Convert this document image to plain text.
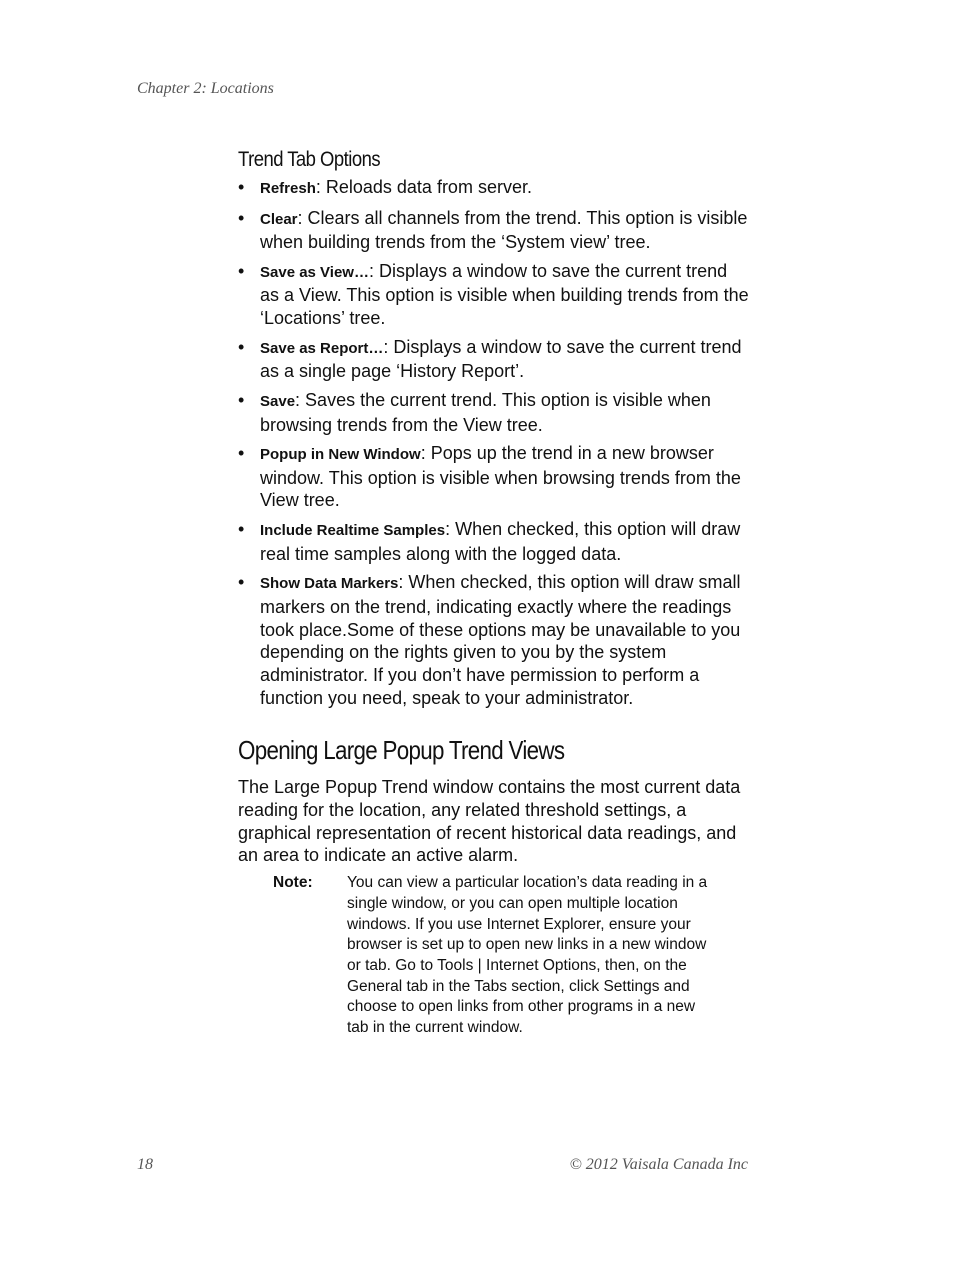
Chapter 2: Locations
Trend Tab Options
• Refresh: Reloads data from server.
• Clear: Clears all channels from the trend. This option is visible when building trends from the ‘System view’ tree.
• Save as View…: Displays a window to save the current trend as a View. This option is visible when building trends from the ‘Locations’ tree.
• Save as Report…: Displays a window to save the current trend as a single page ‘History Report’.
• Save: Saves the current trend. This option is visible when browsing trends from the View tree.
• Popup in New Window: Pops up the trend in a new browser window. This option is visible when browsing trends from the View tree.
• Include Realtime Samples: When checked, this option will draw real time samples along with the logged data.
• Show Data Markers: When checked, this option will draw small markers on the trend, indicating exactly where the readings took place.Some of these options may be unavailable to you depending on the rights given to you by the system administrator. If you don’t have permission to perform a function you need, speak to your administrator.
Opening Large Popup Trend Views

The Large Popup Trend window contains the most current data reading for the location, any related threshold settings, a graphical representation of recent historical data readings, and an area to indicate an active alarm.

Note: You can view a particular location’s data reading in a single window, or you can open multiple location windows. If you use Internet Explorer, ensure your browser is set up to open new links in a new window or tab. Go to Tools | Internet Options, then, on the General tab in the Tabs section, click Settings and choose to open links from other programs in a new tab in the current window.
18	© 2012 Vaisala Canada Inc
